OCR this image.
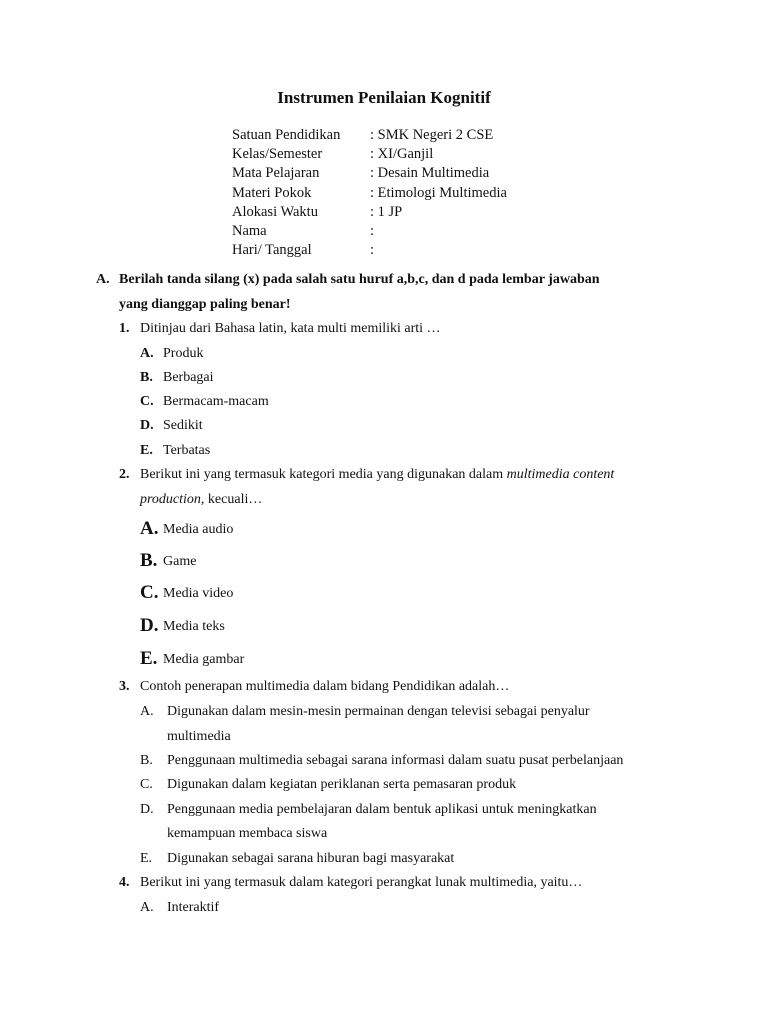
Instrumen Penilaian Kognitif
Satuan Pendidikan : SMK Negeri 2 CSE
Kelas/Semester	: XI/Ganjil
Mata Pelajaran	: Desain Multimedia
Materi Pokok	: Etimologi Multimedia
Alokasi Waktu	: 1 JP
Nama	:
Hari/ Tanggal	:
A. Berilah tanda silang (x) pada salah satu huruf a,b,c, dan d pada lembar jawaban
yang dianggap paling benar!
1. Ditinjau dari Bahasa latin, kata multi memiliki arti …
A. Produk
B. Berbagai
C. Bermacam-macam
D. Sedikit
E. Terbatas
2. Berikut ini yang termasuk kategori media yang digunakan dalam multimedia content
production, kecuali…
A. Media audio
B. Game
C. Media video
D. Media teks
E. Media gambar
3. Contoh penerapan multimedia dalam bidang Pendidikan adalah…
A. Digunakan dalam mesin-mesin permainan dengan televisi sebagai penyalur
multimedia
B. Penggunaan multimedia sebagai sarana informasi dalam suatu pusat perbelanjaan
C. Digunakan dalam kegiatan periklanan serta pemasaran produk
D. Penggunaan media pembelajaran dalam bentuk aplikasi untuk meningkatkan
kemampuan membaca siswa
E. Digunakan sebagai sarana hiburan bagi masyarakat
4. Berikut ini yang termasuk dalam kategori perangkat lunak multimedia, yaitu…
A. Interaktif
